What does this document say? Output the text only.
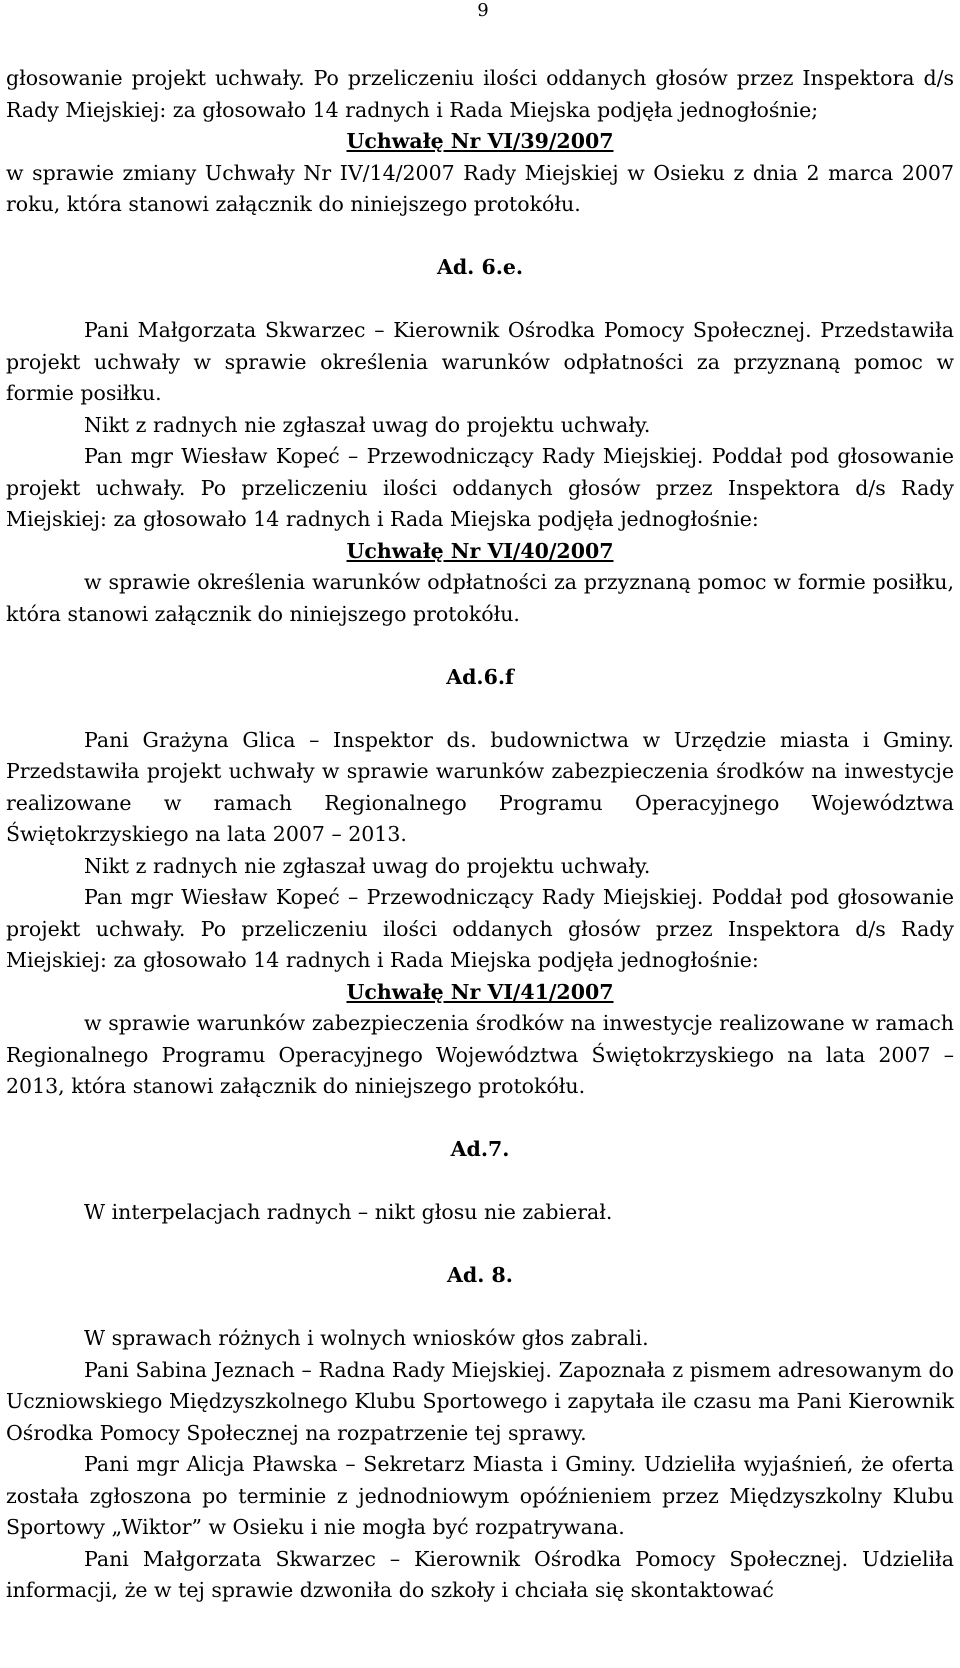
9

głosowanie projekt uchwały. Po przeliczeniu ilości oddanych głosów przez Inspektora d/s Rady Miejskiej: za głosowało 14 radnych i Rada Miejska podjęła jednogłośnie;

Uchwałę Nr VI/39/2007

w sprawie zmiany Uchwały Nr IV/14/2007 Rady Miejskiej w Osieku z dnia 2 marca 2007 roku, która stanowi załącznik do niniejszego protokółu.

Ad. 6.e.

Pani Małgorzata Skwarzec – Kierownik Ośrodka Pomocy Społecznej. Przedstawiła projekt uchwały w sprawie określenia warunków odpłatności za przyznaną pomoc w formie posiłku.

Nikt z radnych nie zgłaszał uwag do projektu uchwały.

Pan mgr Wiesław Kopeć – Przewodniczący Rady Miejskiej. Poddał pod głosowanie projekt uchwały. Po przeliczeniu ilości oddanych głosów przez Inspektora d/s Rady Miejskiej: za głosowało 14 radnych i Rada Miejska podjęła jednogłośnie:

Uchwałę Nr VI/40/2007

w sprawie określenia warunków odpłatności za przyznaną pomoc w formie posiłku, która stanowi załącznik do niniejszego protokółu.

Ad.6.f

Pani Grażyna Glica – Inspektor ds. budownictwa w Urzędzie miasta i Gminy. Przedstawiła projekt uchwały w sprawie warunków zabezpieczenia środków na inwestycje realizowane w ramach Regionalnego Programu Operacyjnego Województwa Świętokrzyskiego na lata 2007 – 2013.

Nikt z radnych nie zgłaszał uwag do projektu uchwały.

Pan mgr Wiesław Kopeć – Przewodniczący Rady Miejskiej. Poddał pod głosowanie projekt uchwały. Po przeliczeniu ilości oddanych głosów przez Inspektora d/s Rady Miejskiej: za głosowało 14 radnych i Rada Miejska podjęła jednogłośnie:

Uchwałę Nr VI/41/2007

w sprawie warunków zabezpieczenia środków na inwestycje realizowane w ramach Regionalnego Programu Operacyjnego Województwa Świętokrzyskiego na lata 2007 – 2013, która stanowi załącznik do niniejszego protokółu.

Ad.7.

W interpelacjach radnych – nikt głosu nie zabierał.

Ad. 8.

W sprawach różnych i wolnych wniosków głos zabrali.

Pani Sabina Jeznach – Radna Rady Miejskiej. Zapoznała z pismem adresowanym do Uczniowskiego Międzyszkolnego Klubu Sportowego i zapytała ile czasu ma Pani Kierownik Ośrodka Pomocy Społecznej na rozpatrzenie tej sprawy.

Pani mgr Alicja Pławska – Sekretarz Miasta i Gminy. Udzieliła wyjaśnień, że oferta została zgłoszona po terminie z jednodniowym opóźnieniem przez Międzyszkolny Klubu Sportowy „Wiktor” w Osieku i nie mogła być rozpatrywana.

Pani Małgorzata Skwarzec – Kierownik Ośrodka Pomocy Społecznej. Udzieliła informacji, że w tej sprawie dzwoniła do szkoły i chciała się skontaktować
